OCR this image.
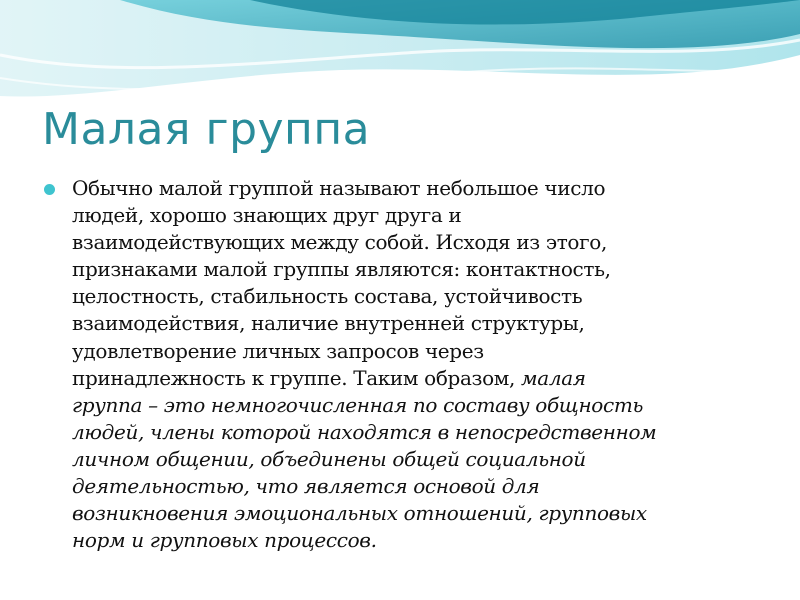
Малая группа

Обычно малой группой называют небольшое число
людей, хорошо знающих друг друга и
взаимодействующих между собой. Исходя из этого,
признаками малой группы являются: контактность,
целостность, стабильность состава, устойчивость
взаимодействия, наличие внутренней структуры,
удовлетворение личных запросов через
принадлежность к группе. Таким образом, малая
группа – это немногочисленная по составу общность
людей, члены которой находятся в непосредственном
личном общении, объединены общей социальной
деятельностью, что является основой для
возникновения эмоциональных отношений, групповых
норм и групповых процессов.
